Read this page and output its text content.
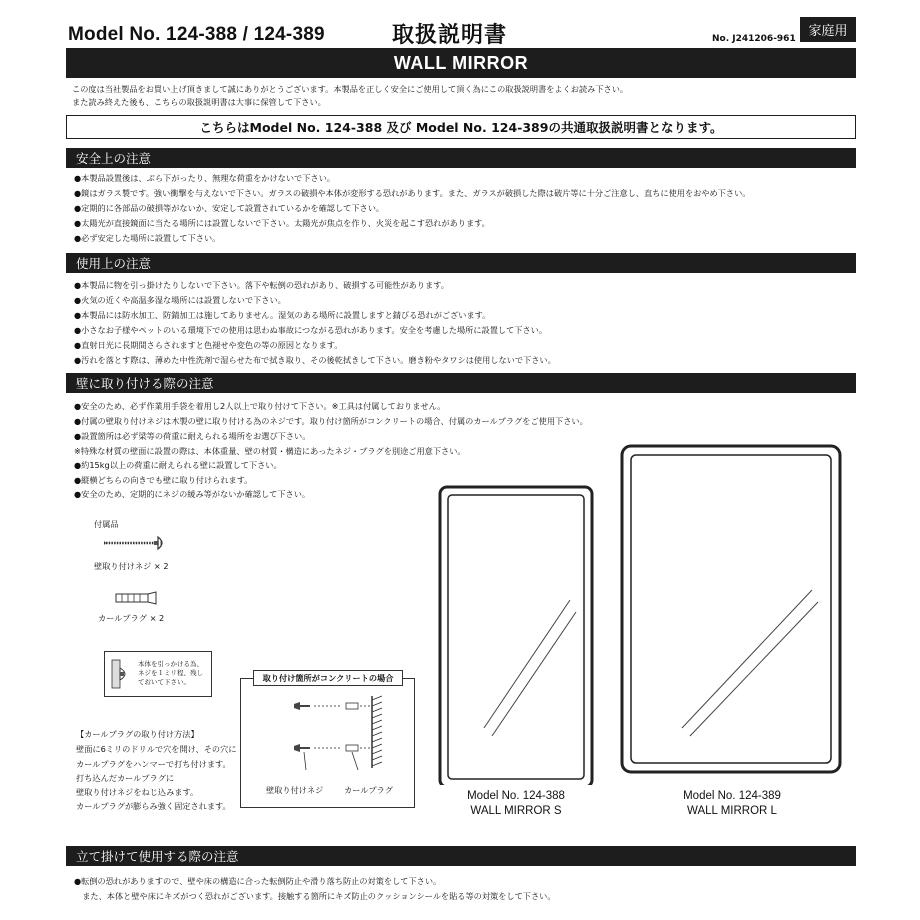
Model No. 124-388 / 124-389	取扱説明書	No. J241206-961 家庭用
WALL MIRROR
この度は当社製品をお買い上げ頂きまして誠にありがとうございます。本製品を正しく安全にご使用して頂く為にこの取扱説明書をよくお読み下さい。
また読み終えた後も、こちらの取扱説明書は大事に保管して下さい。
こちらはModel No. 124-388 及び Model No. 124-389の共通取扱説明書となります。
安全上の注意
●本製品設置後は、ぶら下がったり、無理な荷重をかけないで下さい。
●鏡はガラス製です。強い衝撃を与えないで下さい。ガラスの破損や本体が変形する恐れがあります。また、ガラスが破損した際は破片等に十分ご注意し、直ちに使用をおやめ下さい。
●定期的に各部品の破損等がないか、安定して設置されているかを確認して下さい。
●太陽光が直接鏡面に当たる場所には設置しないで下さい。太陽光が焦点を作り、火災を起こす恐れがあります。
●必ず安定した場所に設置して下さい。
使用上の注意
●本製品に物を引っ掛けたりしないで下さい。落下や転倒の恐れがあり、破損する可能性があります。
●火気の近くや高温多湿な場所には設置しないで下さい。
●本製品には防水加工、防錆加工は施してありません。湿気のある場所に設置しますと錆びる恐れがございます。
●小さなお子様やペットのいる環境下での使用は思わぬ事故につながる恐れがあります。安全を考慮した場所に設置して下さい。
●直射日光に長期間さらされますと色褪せや変色の等の原因となります。
●汚れを落とす際は、薄めた中性洗剤で湿らせた布で拭き取り、その後乾拭きして下さい。磨き粉やタワシは使用しないで下さい。
壁に取り付ける際の注意
●安全のため、必ず作業用手袋を着用し2人以上で取り付けて下さい。※工具は付属しておりません。
●付属の壁取り付けネジは木製の壁に取り付ける為のネジです。取り付け箇所がコンクリートの場合、付属のカールプラグをご使用下さい。
●設置箇所は必ず梁等の荷重に耐えられる場所をお選び下さい。
※特殊な材質の壁面に設置の際は、本体重量、壁の材質・構造にあったネジ・プラグを別途ご用意下さい。
●約15kg以上の荷重に耐えられる壁に設置して下さい。
●縦横どちらの向きでも壁に取り付けられます。
●安全のため、定期的にネジの緩み等がないか確認して下さい。
付属品
壁取り付けネジ × 2
カールプラグ × 2
本体を引っかける為、
ネジを１ミリ程、残し
ておいて下さい。
【カールプラグの取り付け方法】
壁面に6ミリのドリルで穴を開け、その穴に
カールプラグをハンマーで打ち付けます。
打ち込んだカールプラグに
壁取り付けネジをねじ込みます。
カールプラグが膨らみ強く固定されます。
取り付け箇所がコンクリートの場合
壁取り付けネジ	カールプラグ	Model No. 124-388
WALL MIRROR S
Model No. 124-389
WALL MIRROR L
立て掛けて使用する際の注意
●転倒の恐れがありますので、壁や床の構造に合った転倒防止や滑り落ち防止の対策をして下さい。
　また、本体と壁や床にキズがつく恐れがございます。接触する箇所にキズ防止のクッションシールを貼る等の対策をして下さい。
